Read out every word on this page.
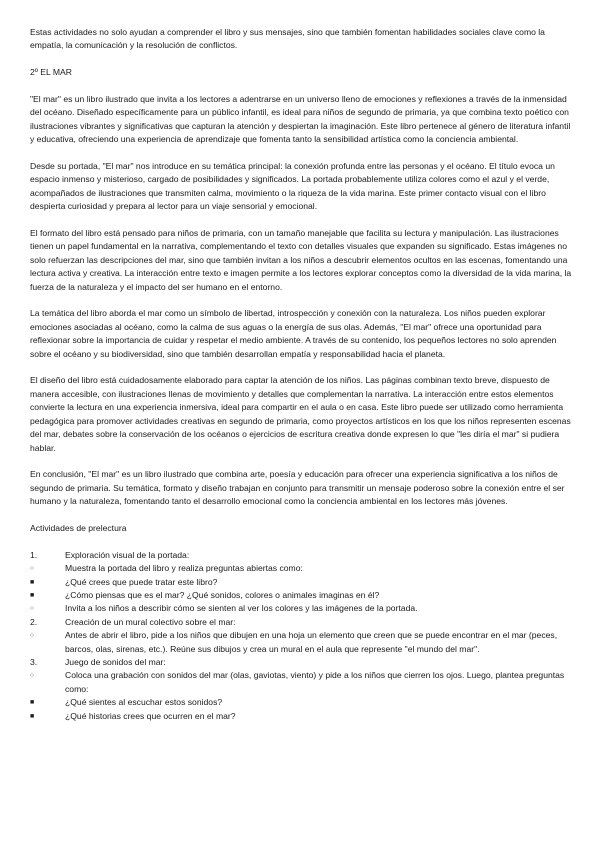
Estas actividades no solo ayudan a comprender el libro y sus mensajes, sino que también fomentan habilidades sociales clave como la empatía, la comunicación y la resolución de conflictos.

2º EL MAR

"El mar" es un libro ilustrado que invita a los lectores a adentrarse en un universo lleno de emociones y reflexiones a través de la inmensidad del océano. Diseñado específicamente para un público infantil, es ideal para niños de segundo de primaria, ya que combina texto poético con ilustraciones vibrantes y significativas que capturan la atención y despiertan la imaginación. Este libro pertenece al género de literatura infantil y educativa, ofreciendo una experiencia de aprendizaje que fomenta tanto la sensibilidad artística como la conciencia ambiental.

Desde su portada, "El mar" nos introduce en su temática principal: la conexión profunda entre las personas y el océano. El título evoca un espacio inmenso y misterioso, cargado de posibilidades y significados. La portada probablemente utiliza colores como el azul y el verde, acompañados de ilustraciones que transmiten calma, movimiento o la riqueza de la vida marina. Este primer contacto visual con el libro despierta curiosidad y prepara al lector para un viaje sensorial y emocional.

El formato del libro está pensado para niños de primaria, con un tamaño manejable que facilita su lectura y manipulación. Las ilustraciones tienen un papel fundamental en la narrativa, complementando el texto con detalles visuales que expanden su significado. Estas imágenes no solo refuerzan las descripciones del mar, sino que también invitan a los niños a descubrir elementos ocultos en las escenas, fomentando una lectura activa y creativa. La interacción entre texto e imagen permite a los lectores explorar conceptos como la diversidad de la vida marina, la fuerza de la naturaleza y el impacto del ser humano en el entorno.

La temática del libro aborda el mar como un símbolo de libertad, introspección y conexión con la naturaleza. Los niños pueden explorar emociones asociadas al océano, como la calma de sus aguas o la energía de sus olas. Además, "El mar" ofrece una oportunidad para reflexionar sobre la importancia de cuidar y respetar el medio ambiente. A través de su contenido, los pequeños lectores no solo aprenden sobre el océano y su biodiversidad, sino que también desarrollan empatía y responsabilidad hacia el planeta.

El diseño del libro está cuidadosamente elaborado para captar la atención de los niños. Las páginas combinan texto breve, dispuesto de manera accesible, con ilustraciones llenas de movimiento y detalles que complementan la narrativa. La interacción entre estos elementos convierte la lectura en una experiencia inmersiva, ideal para compartir en el aula o en casa. Este libro puede ser utilizado como herramienta pedagógica para promover actividades creativas en segundo de primaria, como proyectos artísticos en los que los niños representen escenas del mar, debates sobre la conservación de los océanos o ejercicios de escritura creativa donde expresen lo que "les diría el mar" si pudiera hablar.

En conclusión, "El mar" es un libro ilustrado que combina arte, poesía y educación para ofrecer una experiencia significativa a los niños de segundo de primaria. Su temática, formato y diseño trabajan en conjunto para transmitir un mensaje poderoso sobre la conexión entre el ser humano y la naturaleza, fomentando tanto el desarrollo emocional como la conciencia ambiental en los lectores más jóvenes.

Actividades de prelectura

1.	Exploración visual de la portada:
○	Muestra la portada del libro y realiza preguntas abiertas como:
■	¿Qué crees que puede tratar este libro?
■	¿Cómo piensas que es el mar? ¿Qué sonidos, colores o animales imaginas en él?
○	Invita a los niños a describir cómo se sienten al ver los colores y las imágenes de la portada.
2.	Creación de un mural colectivo sobre el mar:
○	Antes de abrir el libro, pide a los niños que dibujen en una hoja un elemento que creen que se puede encontrar en el mar (peces, barcos, olas, sirenas, etc.). Reúne sus dibujos y crea un mural en el aula que represente "el mundo del mar".
3.	Juego de sonidos del mar:
○	Coloca una grabación con sonidos del mar (olas, gaviotas, viento) y pide a los niños que cierren los ojos. Luego, plantea preguntas como:
■	¿Qué sientes al escuchar estos sonidos?
■	¿Qué historias crees que ocurren en el mar?
